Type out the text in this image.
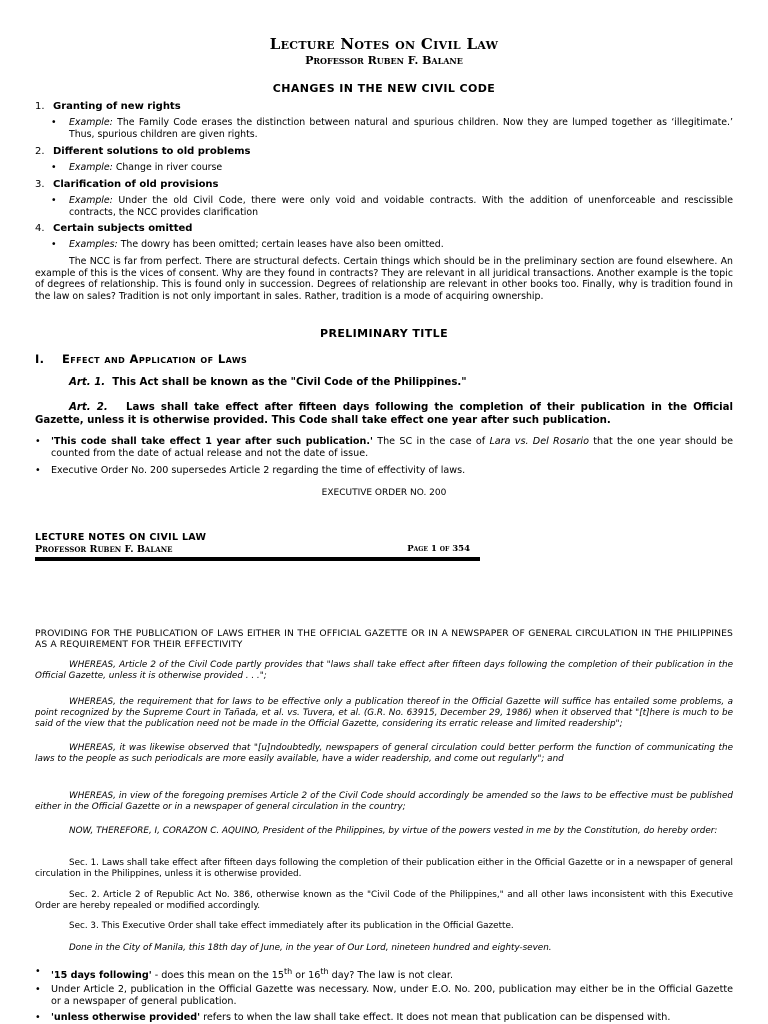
Lecture Notes on Civil Law
Professor Ruben F. Balane
CHANGES IN THE NEW CIVIL CODE
1. Granting of new rights
• Example: The Family Code erases the distinction between natural and spurious children. Now they are lumped together as ‘illegitimate.’ Thus, spurious children are given rights.
2. Different solutions to old problems
• Example: Change in river course
3. Clarification of old provisions
• Example: Under the old Civil Code, there were only void and voidable contracts. With the addition of unenforceable and rescissible contracts, the NCC provides clarification
4. Certain subjects omitted
• Examples: The dowry has been omitted; certain leases have also been omitted.
The NCC is far from perfect. There are structural defects. Certain things which should be in the preliminary section are found elsewhere. An example of this is the vices of consent. Why are they found in contracts? They are relevant in all juridical transactions. Another example is the topic of degrees of relationship. This is found only in succession. Degrees of relationship are relevant in other books too. Finally, why is tradition found in the law on sales? Tradition is not only important in sales. Rather, tradition is a mode of acquiring ownership.
PRELIMINARY TITLE
I. Effect and Application of Laws
Art. 1. This Act shall be known as the "Civil Code of the Philippines."
Art. 2. Laws shall take effect after fifteen days following the completion of their publication in the Official Gazette, unless it is otherwise provided. This Code shall take effect one year after such publication.
• 'This code shall take effect 1 year after such publication.' The SC in the case of Lara vs. Del Rosario that the one year should be counted from the date of actual release and not the date of issue.
• Executive Order No. 200 supersedes Article 2 regarding the time of effectivity of laws.
EXECUTIVE ORDER NO. 200
LECTURE NOTES ON CIVIL LAW
Professor Ruben F. Balane	Page 1 of 354
PROVIDING FOR THE PUBLICATION OF LAWS EITHER IN THE OFFICIAL GAZETTE OR IN A NEWSPAPER OF GENERAL CIRCULATION IN THE PHILIPPINES AS A REQUIREMENT FOR THEIR EFFECTIVITY
WHEREAS, Article 2 of the Civil Code partly provides that "laws shall take effect after fifteen days following the completion of their publication in the Official Gazette, unless it is otherwise provided . . .";
WHEREAS, the requirement that for laws to be effective only a publication thereof in the Official Gazette will suffice has entailed some problems, a point recognized by the Supreme Court in Tañada, et al. vs. Tuvera, et al. (G.R. No. 63915, December 29, 1986) when it observed that "[t]here is much to be said of the view that the publication need not be made in the Official Gazette, considering its erratic release and limited readership";
WHEREAS, it was likewise observed that "[u]ndoubtedly, newspapers of general circulation could better perform the function of communicating the laws to the people as such periodicals are more easily available, have a wider readership, and come out regularly"; and
WHEREAS, in view of the foregoing premises Article 2 of the Civil Code should accordingly be amended so the laws to be effective must be published either in the Official Gazette or in a newspaper of general circulation in the country;
NOW, THEREFORE, I, CORAZON C. AQUINO, President of the Philippines, by virtue of the powers vested in me by the Constitution, do hereby order:
Sec. 1. Laws shall take effect after fifteen days following the completion of their publication either in the Official Gazette or in a newspaper of general circulation in the Philippines, unless it is otherwise provided.
Sec. 2. Article 2 of Republic Act No. 386, otherwise known as the "Civil Code of the Philippines," and all other laws inconsistent with this Executive Order are hereby repealed or modified accordingly.
Sec. 3. This Executive Order shall take effect immediately after its publication in the Official Gazette.
Done in the City of Manila, this 18th day of June, in the year of Our Lord, nineteen hundred and eighty-seven.
• '15 days following' - does this mean on the 15th or 16th day? The law is not clear.
• Under Article 2, publication in the Official Gazette was necessary. Now, under E.O. No. 200, publication may either be in the Official Gazette or a newspaper of general publication.
• 'unless otherwise provided' refers to when the law shall take effect. It does not mean that publication can be dispensed with.
